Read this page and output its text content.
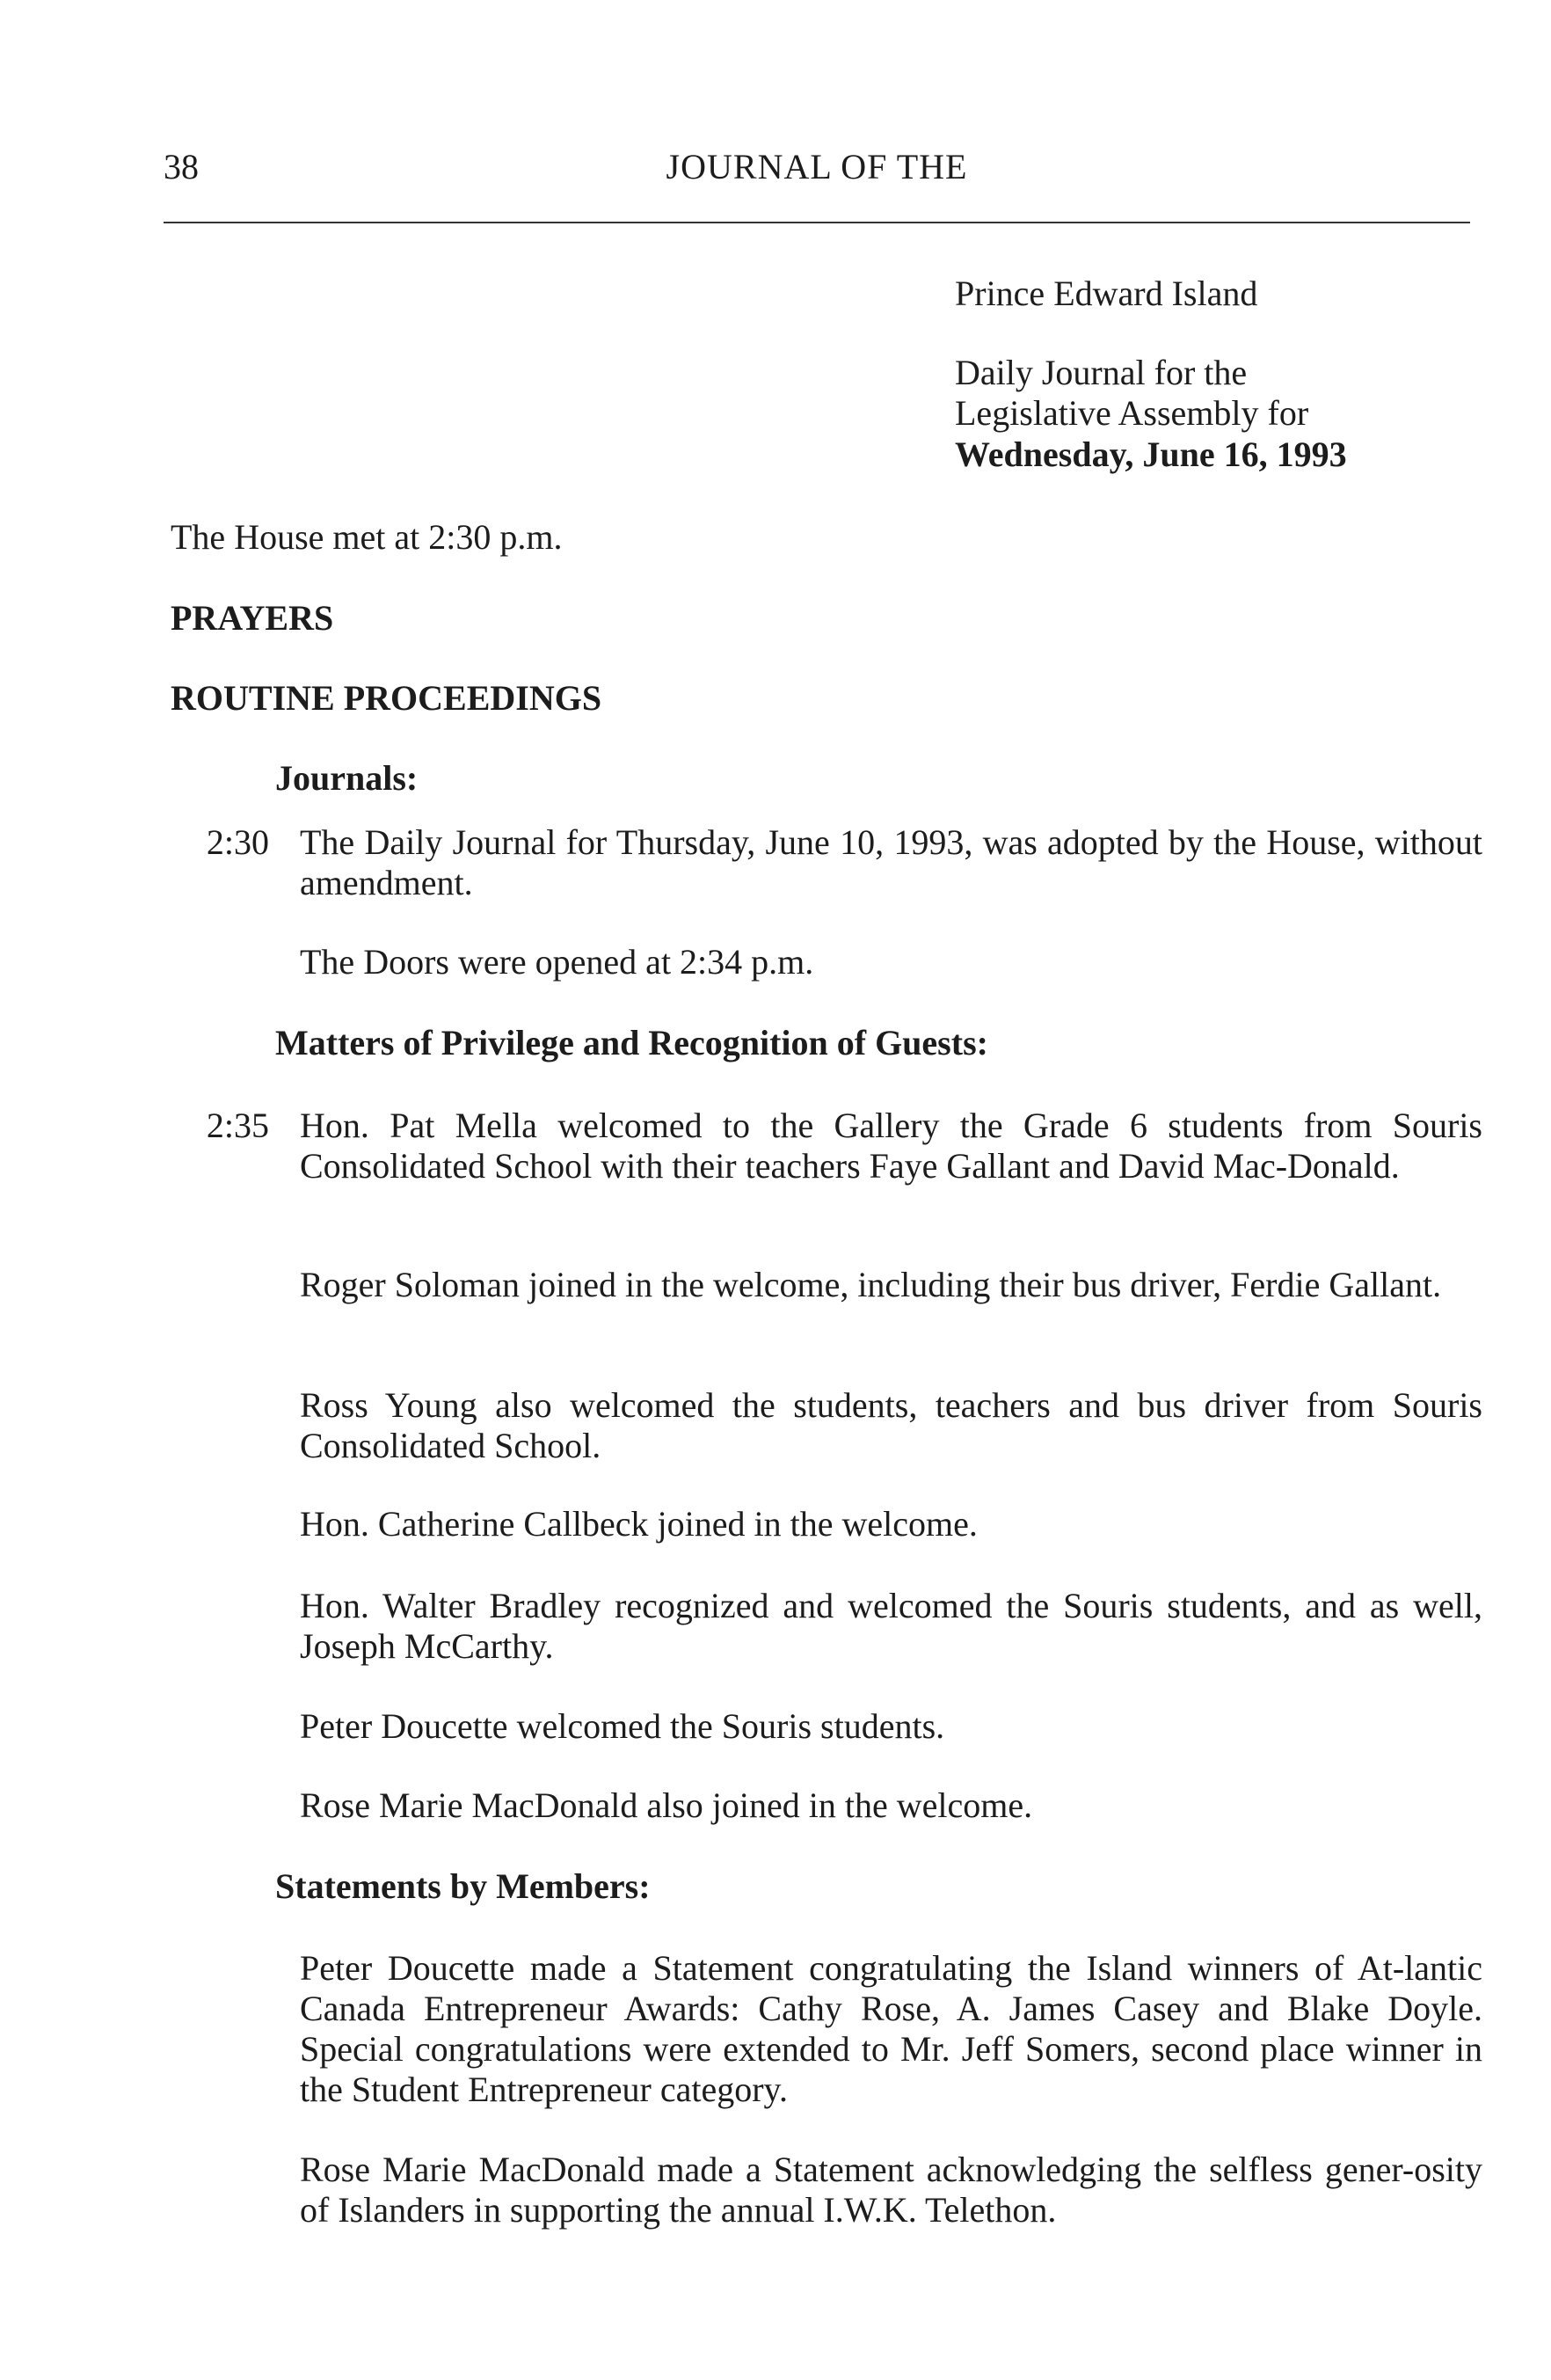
38	JOURNAL OF THE
Prince Edward Island
Daily Journal for the
Legislative Assembly for
Wednesday, June 16, 1993
The House met at 2:30 p.m.
PRAYERS
ROUTINE PROCEEDINGS
Journals:
2:30 The Daily Journal for Thursday, June 10, 1993, was adopted by the House, without amendment.
The Doors were opened at 2:34 p.m.
Matters of Privilege and Recognition of Guests:
2:35 Hon. Pat Mella welcomed to the Gallery the Grade 6 students from Souris Consolidated School with their teachers Faye Gallant and David Mac-Donald.
Roger Soloman joined in the welcome, including their bus driver, Ferdie Gallant.
Ross Young also welcomed the students, teachers and bus driver from Souris Consolidated School.
Hon. Catherine Callbeck joined in the welcome.
Hon. Walter Bradley recognized and welcomed the Souris students, and as well, Joseph McCarthy.
Peter Doucette welcomed the Souris students.
Rose Marie MacDonald also joined in the welcome.
Statements by Members:
Peter Doucette made a Statement congratulating the Island winners of At-lantic Canada Entrepreneur Awards: Cathy Rose, A. James Casey and Blake Doyle. Special congratulations were extended to Mr. Jeff Somers, second place winner in the Student Entrepreneur category.
Rose Marie MacDonald made a Statement acknowledging the selfless gener-osity of Islanders in supporting the annual I.W.K. Telethon.
